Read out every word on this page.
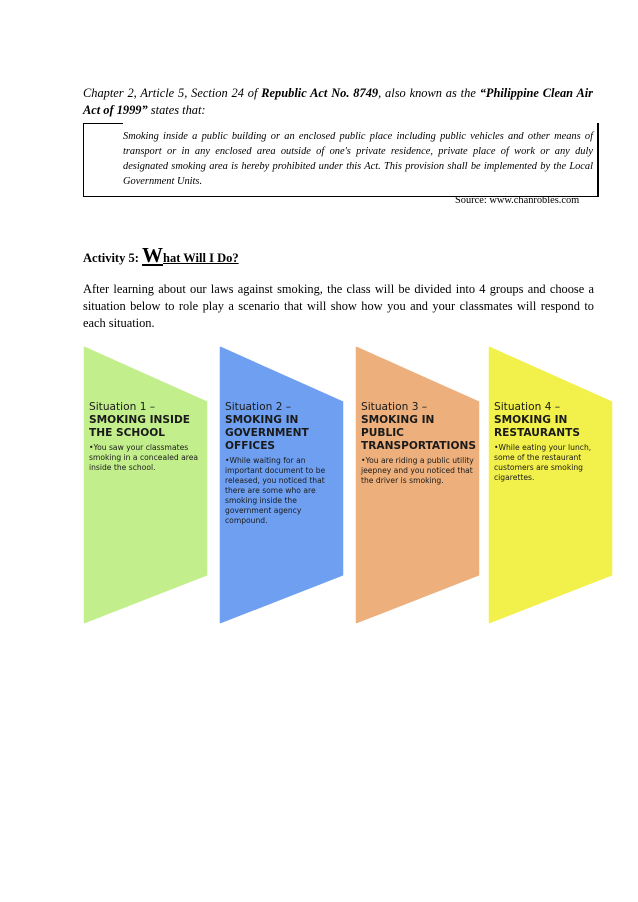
Chapter 2, Article 5, Section 24 of Republic Act No. 8749, also known as the “Philippine Clean Air Act of 1999” states that:
Smoking inside a public building or an enclosed public place including public vehicles and other means of transport or in any enclosed area outside of one's private residence, private place of work or any duly designated smoking area is hereby prohibited under this Act. This provision shall be implemented by the Local Government Units.
Source: www.chanrobles.com
Activity 5: What Will I Do?
After learning about our laws against smoking, the class will be divided into 4 groups and choose a situation below to role play a scenario that will show how you and your classmates will respond to each situation.
Situation 1 –
SMOKING INSIDE THE SCHOOL
•You saw your classmates smoking in a concealed area inside the school.
Situation 2 –
SMOKING IN GOVERNMENT OFFICES
•While waiting for an important document to be released, you noticed that there are some who are smoking inside the government agency compound.
Situation 3 –
SMOKING IN PUBLIC TRANSPORTATIONS
•You are riding a public utility jeepney and you noticed that the driver is smoking.
Situation 4 –
SMOKING IN RESTAURANTS
•While eating your lunch, some of the restaurant customers are smoking cigarettes.
